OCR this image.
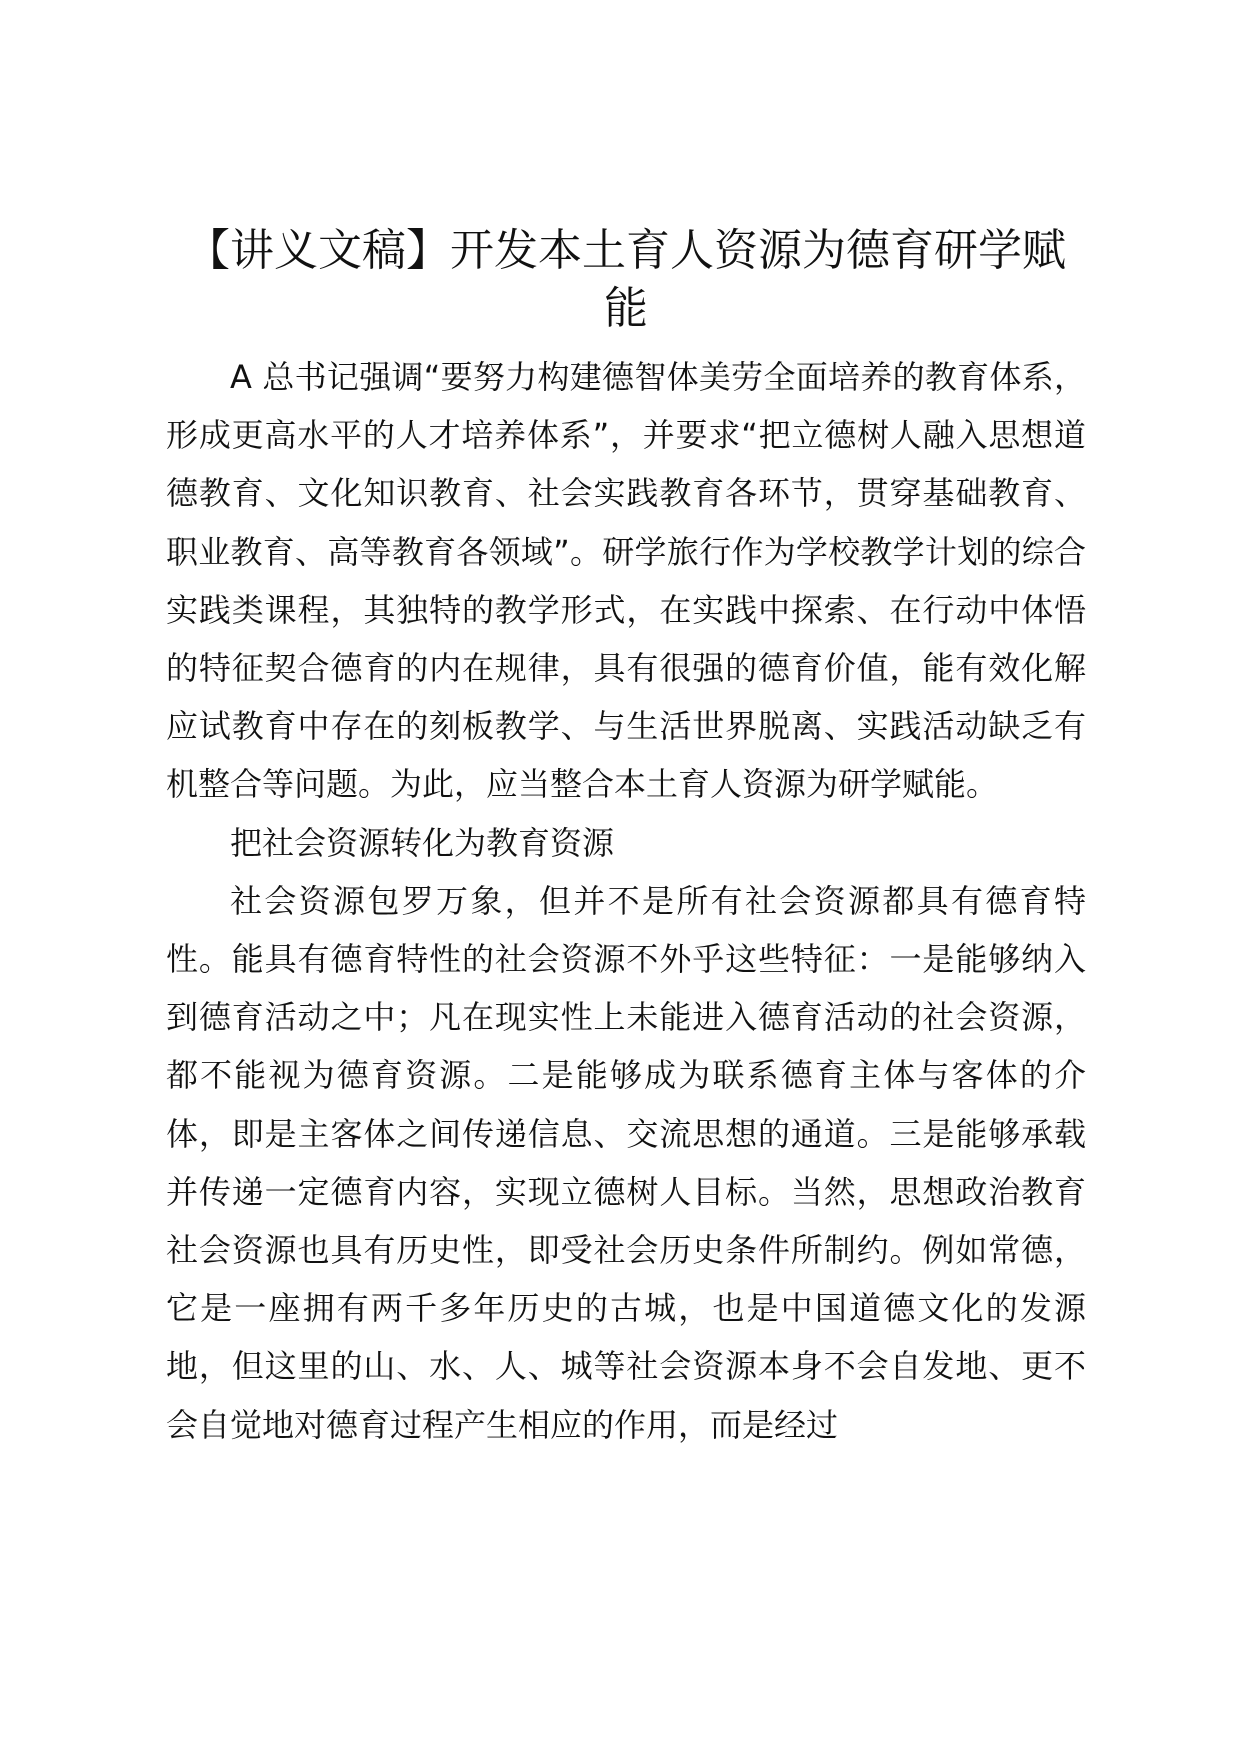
【讲义文稿】开发本土育人资源为德育研学赋能

A 总书记强调“要努力构建德智体美劳全面培养的教育体系，形成更高水平的人才培养体系”，并要求“把立德树人融入思想道德教育、文化知识教育、社会实践教育各环节，贯穿基础教育、职业教育、高等教育各领域”。研学旅行作为学校教学计划的综合实践类课程，其独特的教学形式，在实践中探索、在行动中体悟的特征契合德育的内在规律，具有很强的德育价值，能有效化解应试教育中存在的刻板教学、与生活世界脱离、实践活动缺乏有机整合等问题。为此，应当整合本土育人资源为研学赋能。

把社会资源转化为教育资源

社会资源包罗万象，但并不是所有社会资源都具有德育特性。能具有德育特性的社会资源不外乎这些特征：一是能够纳入到德育活动之中；凡在现实性上未能进入德育活动的社会资源，都不能视为德育资源。二是能够成为联系德育主体与客体的介体，即是主客体之间传递信息、交流思想的通道。三是能够承载并传递一定德育内容，实现立德树人目标。当然，思想政治教育社会资源也具有历史性，即受社会历史条件所制约。例如常德，它是一座拥有两千多年历史的古城，也是中国道德文化的发源地，但这里的山、水、人、城等社会资源本身不会自发地、更不会自觉地对德育过程产生相应的作用，而是经过
